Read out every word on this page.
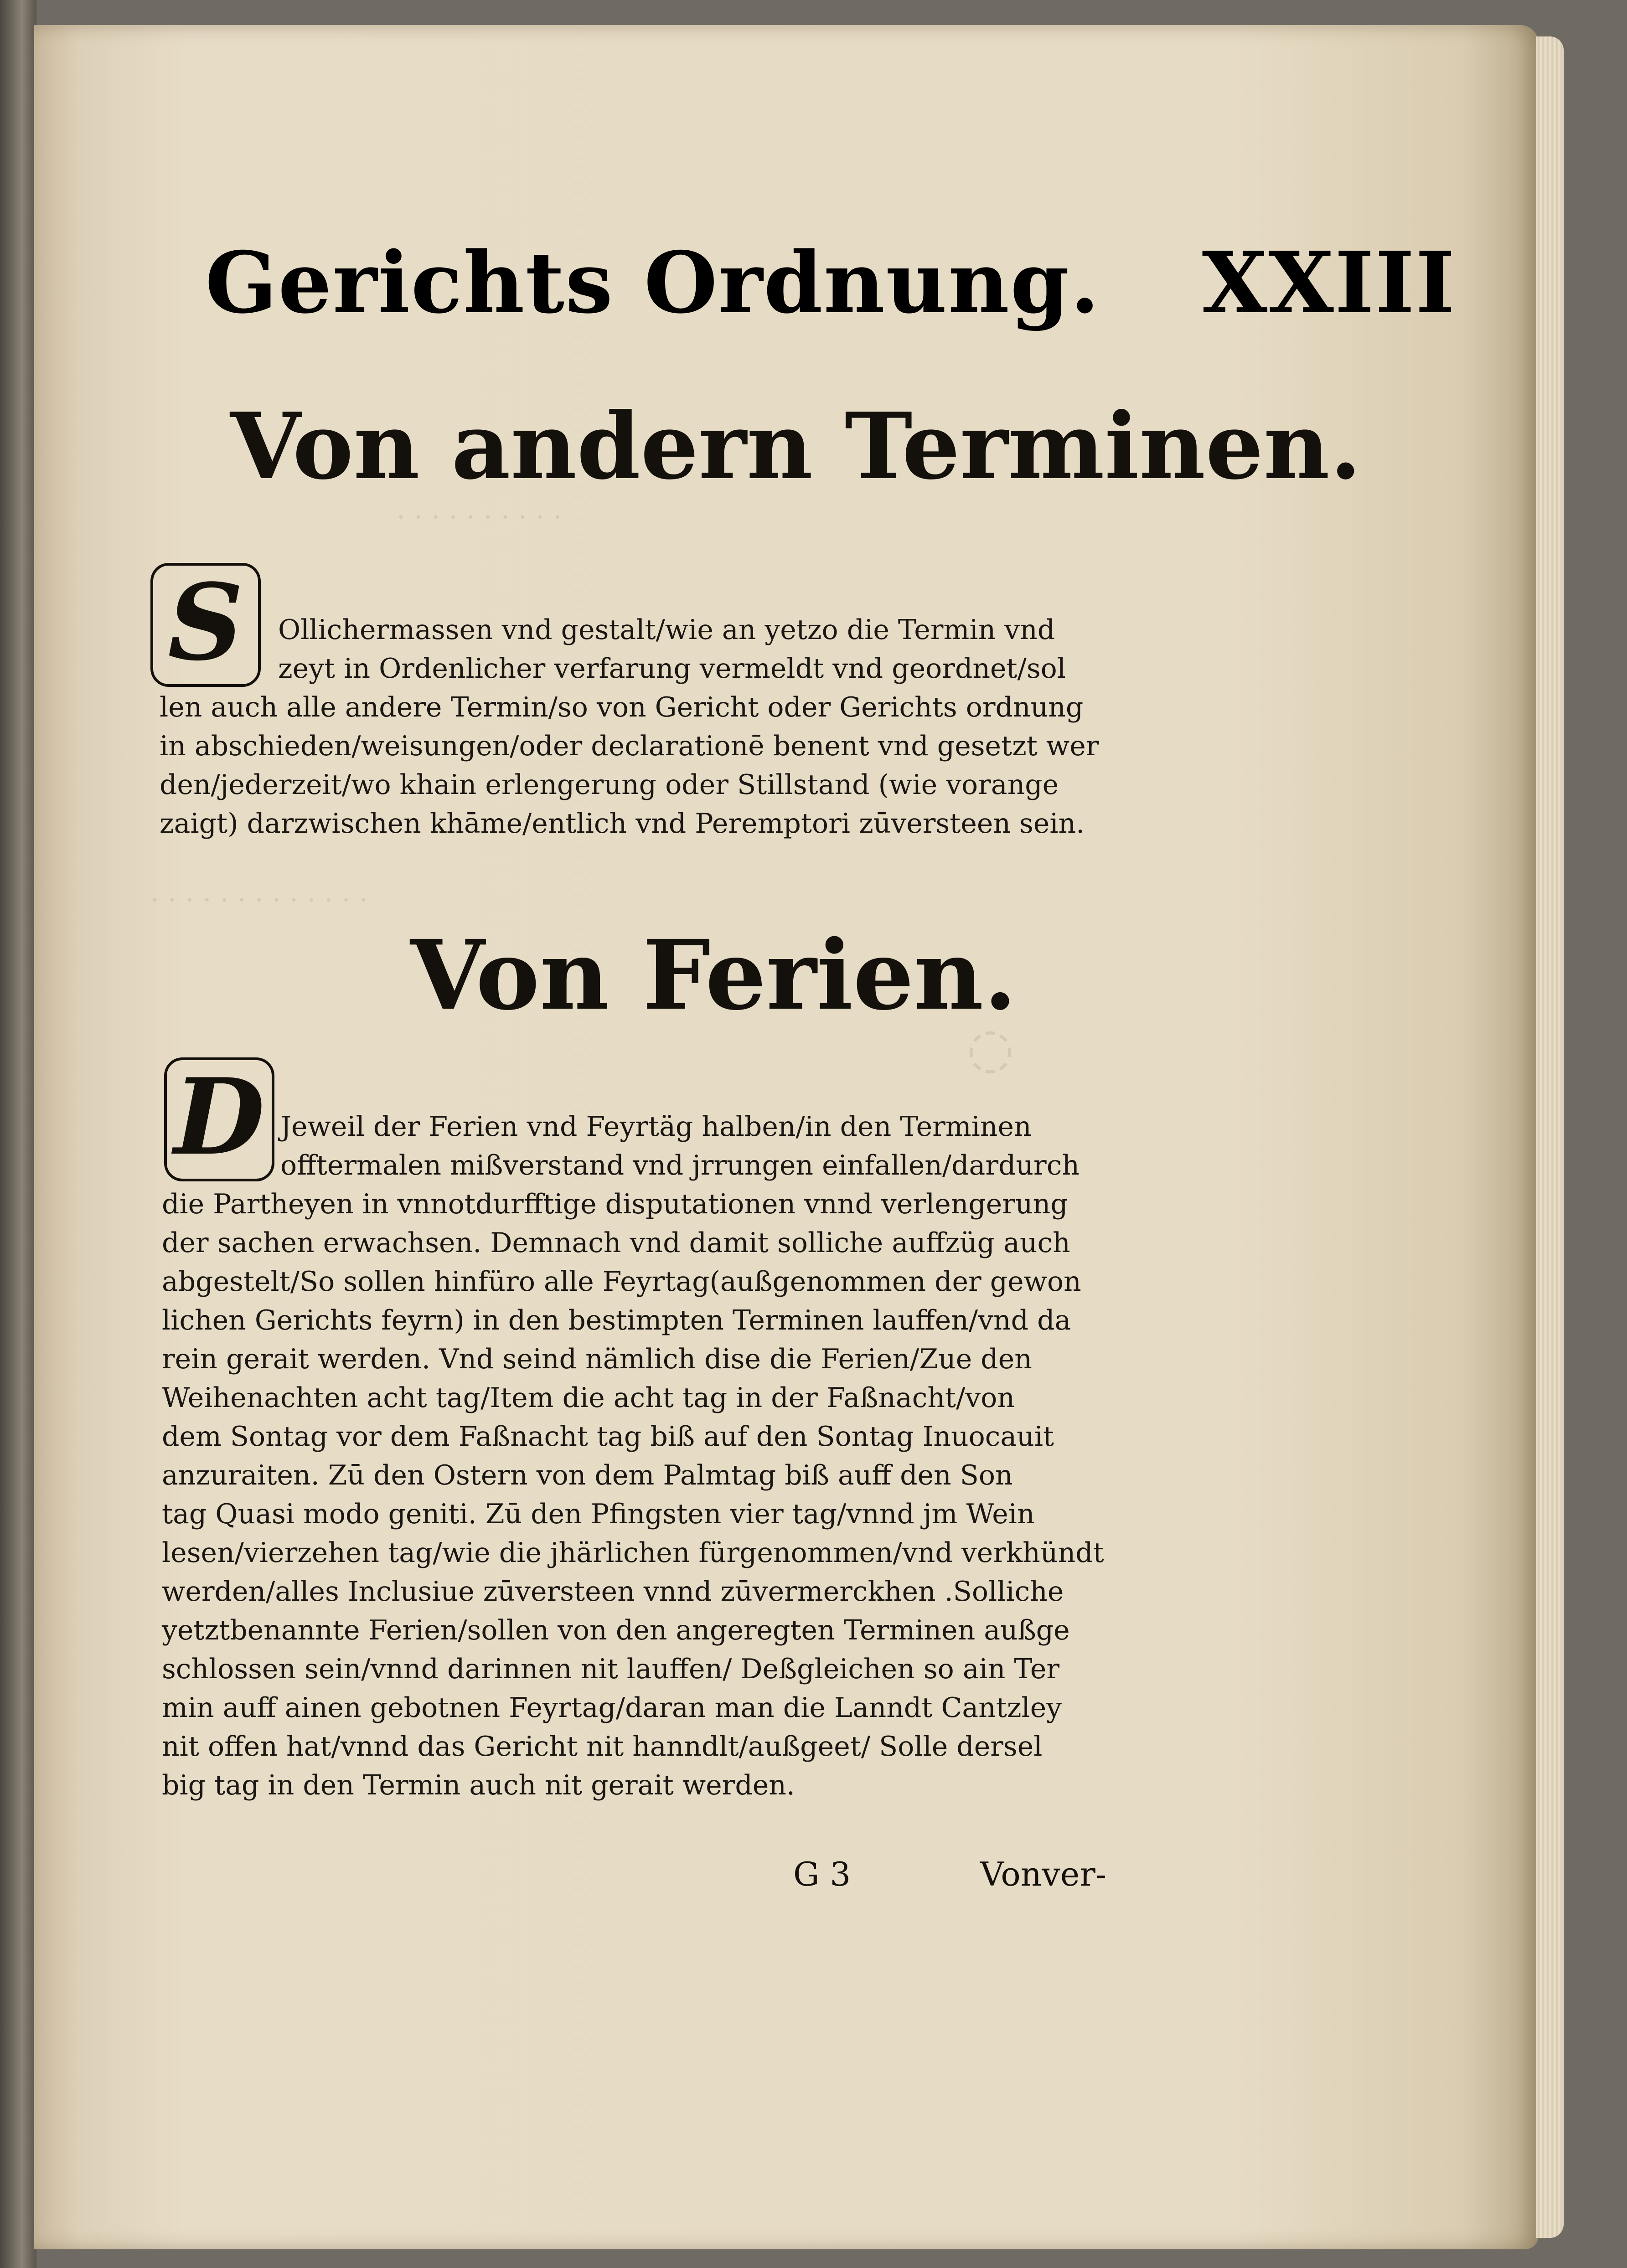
· · · · · · · · · ·
· · · · · · · · · · · · ·
◌
Gerichts Ordnung. XXIII
Von andern Terminen.
S	Ollichermassen vnd gestalt/wie an yetzo die Termin vnd
zeyt in Ordenlicher verfarung vermeldt vnd geordnet/sol
len auch alle andere Termin/so von Gericht oder Gerichts ordnung
in abschieden/weisungen/oder declarationē benent vnd gesetzt wer
den/jederzeit/wo khain erlengerung oder Stillstand (wie vorange
zaigt) darzwischen khāme/entlich vnd Peremptori zūversteen sein.
Von Ferien.
D Jeweil der Ferien vnd Feyrtäg halben/in den Terminen
offtermalen mißverstand vnd jrrungen einfallen/dardurch
die Partheyen in vnnotdurfftige disputationen vnnd verlengerung
der sachen erwachsen. Demnach vnd damit solliche auffzüg auch
abgestelt/So sollen hinfüro alle Feyrtag(außgenommen der gewon
lichen Gerichts feyrn) in den bestimpten Terminen lauffen/vnd da
rein gerait werden. Vnd seind nämlich dise die Ferien/Zue den
Weihenachten acht tag/Item die acht tag in der Faßnacht/von
dem Sontag vor dem Faßnacht tag biß auf den Sontag Inuocauit
anzuraiten. Zū den Ostern von dem Palmtag biß auff den Son
tag Quasi modo geniti. Zū den Pfingsten vier tag/vnnd jm Wein
lesen/vierzehen tag/wie die jhärlichen fürgenommen/vnd verkhündt
werden/alles Inclusiue zūversteen vnnd zūvermerckhen .Solliche
yetztbenannte Ferien/sollen von den angeregten Terminen außge
schlossen sein/vnnd darinnen nit lauffen/ Deßgleichen so ain Ter
min auff ainen gebotnen Feyrtag/daran man die Lanndt Cantzley
nit offen hat/vnnd das Gericht nit hanndlt/außgeet/ Solle dersel
big tag in den Termin auch nit gerait werden.
G 3	Vonver-
